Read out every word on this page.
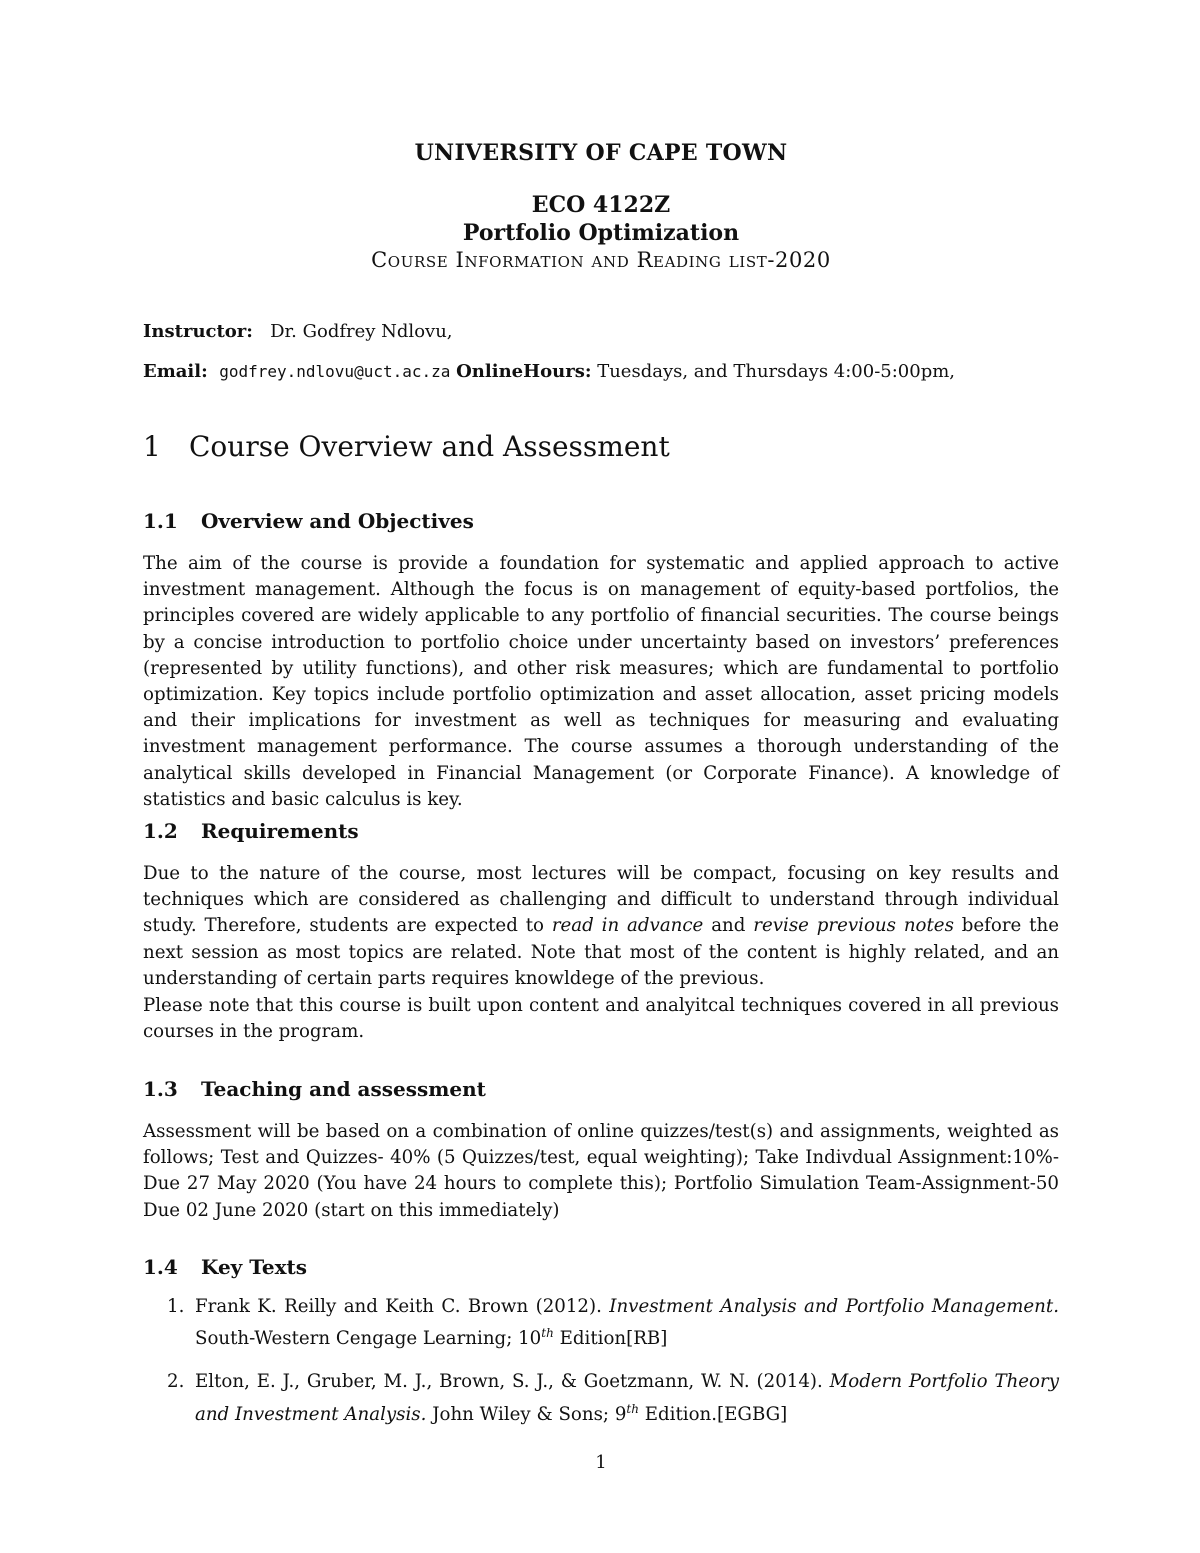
UNIVERSITY OF CAPE TOWN
ECO 4122Z
Portfolio Optimization
Course Information and Reading list-2020
Instructor: Dr. Godfrey Ndlovu,
Email: godfrey.ndlovu@uct.ac.za OnlineHours: Tuesdays, and Thursdays 4:00-5:00pm,
1 Course Overview and Assessment
1.1 Overview and Objectives

The aim of the course is provide a foundation for systematic and applied approach to active investment management. Although the focus is on management of equity-based portfolios, the principles covered are widely applicable to any portfolio of financial securities. The course beings by a concise introduction to portfolio choice under uncertainty based on investors’ preferences (represented by utility functions), and other risk measures; which are fundamental to portfolio optimization. Key topics include portfolio optimization and asset allocation, asset pricing models and their implications for investment as well as techniques for measuring and evaluating investment management performance. The course assumes a thorough understanding of the analytical skills developed in Financial Management (or Corporate Finance). A knowledge of statistics and basic calculus is key.

1.2 Requirements

Due to the nature of the course, most lectures will be compact, focusing on key results and techniques which are considered as challenging and difficult to understand through individual study. Therefore, students are expected to read in advance and revise previous notes before the next session as most topics are related. Note that most of the content is highly related, and an understanding of certain parts requires knowldege of the previous.

Please note that this course is built upon content and analyitcal techniques covered in all previous courses in the program.

1.3 Teaching and assessment

Assessment will be based on a combination of online quizzes/test(s) and assignments, weighted as follows; Test and Quizzes- 40% (5 Quizzes/test, equal weighting); Take Indivdual Assignment:10%- Due 27 May 2020 (You have 24 hours to complete this); Portfolio Simulation Team-Assignment-50 Due 02 June 2020 (start on this immediately)

1.4 Key Texts
1. Frank K. Reilly and Keith C. Brown (2012). Investment Analysis and Portfolio Management. South-Western Cengage Learning; 10th Edition[RB]
2. Elton, E. J., Gruber, M. J., Brown, S. J., & Goetzmann, W. N. (2014). Modern Portfolio Theory and Investment Analysis. John Wiley & Sons; 9th Edition.[EGBG]
1
